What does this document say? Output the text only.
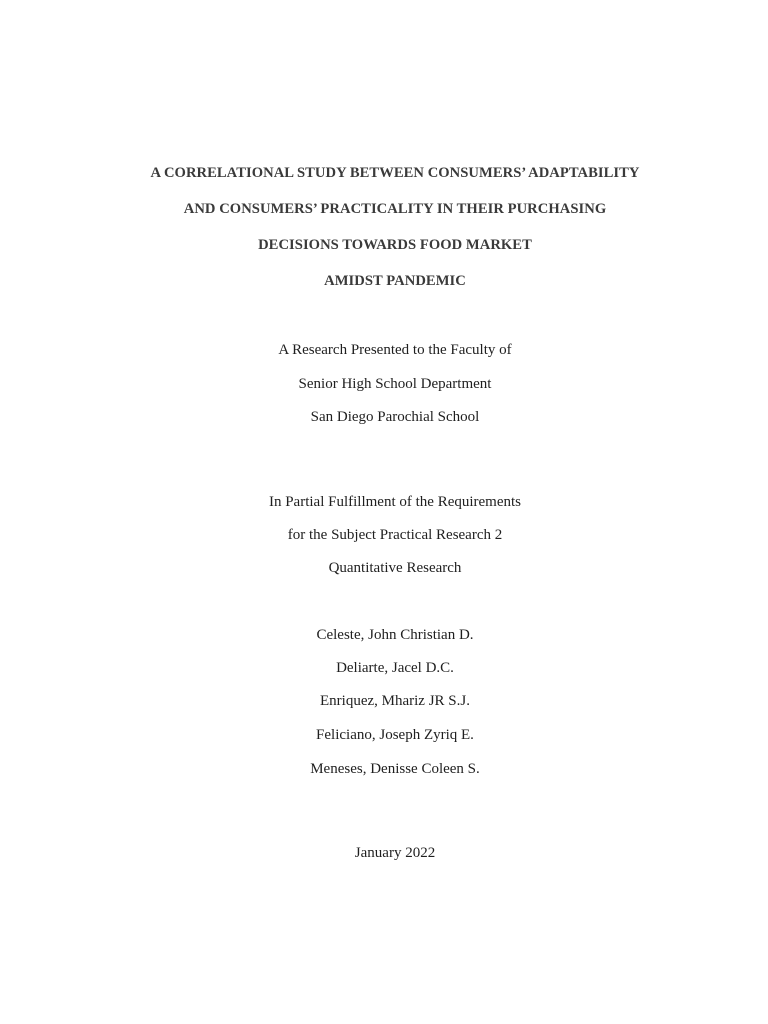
A CORRELATIONAL STUDY BETWEEN CONSUMERS’ ADAPTABILITY
AND CONSUMERS’ PRACTICALITY IN THEIR PURCHASING
DECISIONS TOWARDS FOOD MARKET
AMIDST PANDEMIC
A Research Presented to the Faculty of
Senior High School Department
San Diego Parochial School
In Partial Fulfillment of the Requirements
for the Subject Practical Research 2
Quantitative Research
Celeste, John Christian D.
Deliarte, Jacel D.C.
Enriquez, Mhariz JR S.J.
Feliciano, Joseph Zyriq E.
Meneses, Denisse Coleen S.
January 2022
